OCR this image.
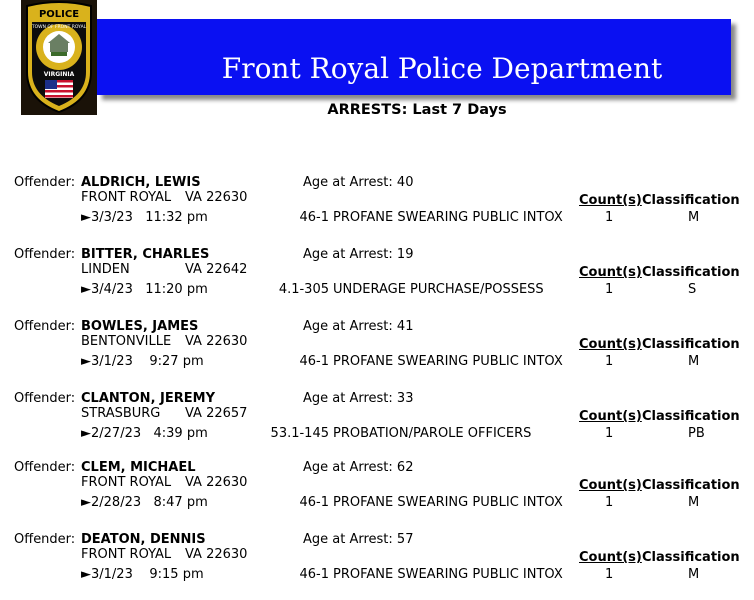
Front Royal Police Department
POLICE
TOWN OF FRONT ROYAL
VIRGINIA
ARRESTS: Last 7 Days
Offender: ALDRICH, LEWIS	Age at Arrest: 40
FRONT ROYAL VA 22630
►3/3/23   11:32 pm	46-1 PROFANE SWEARING PUBLIC INTOX
Count(s) Classification
1	M
Offender: BITTER, CHARLES	Age at Arrest: 19
LINDEN	VA 22642
►3/4/23   11:20 pm	4.1-305 UNDERAGE PURCHASE/POSSESS
Count(s) Classification
1	S
Offender: BOWLES, JAMES	Age at Arrest: 41
BENTONVILLE VA 22630
►3/1/23    9:27 pm	46-1 PROFANE SWEARING PUBLIC INTOX
Count(s) Classification
1	M
Offender: CLANTON, JEREMY	Age at Arrest: 33
STRASBURG VA 22657
►2/27/23   4:39 pm	53.1-145 PROBATION/PAROLE OFFICERS
Count(s) Classification
1	PB
Offender: CLEM, MICHAEL	Age at Arrest: 62
FRONT ROYAL VA 22630
►2/28/23   8:47 pm	46-1 PROFANE SWEARING PUBLIC INTOX
Count(s) Classification
1	M
Offender: DEATON, DENNIS	Age at Arrest: 57
FRONT ROYAL VA 22630
►3/1/23    9:15 pm	46-1 PROFANE SWEARING PUBLIC INTOX
Count(s) Classification
1	M
